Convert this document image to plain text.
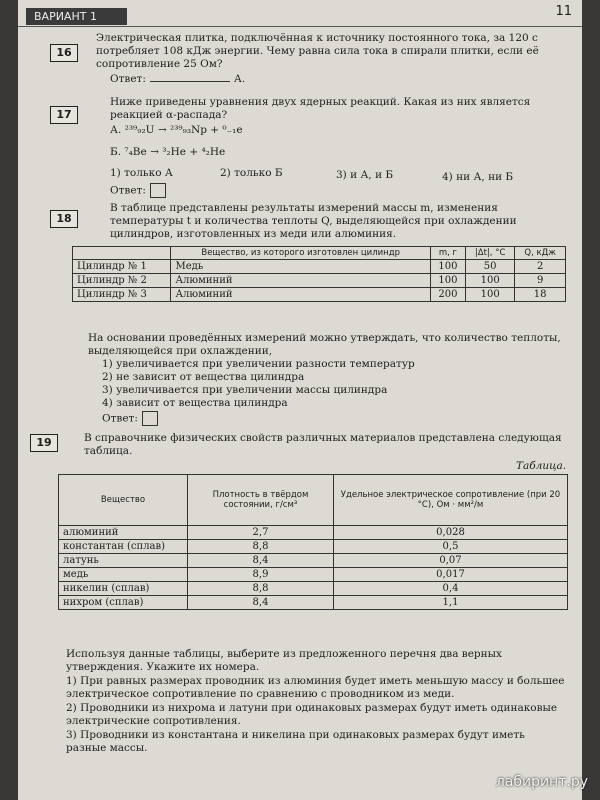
ВАРИАНТ 1	11
16
Электрическая плитка, подключённая к источнику постоянного тока, за 120 с потребляет 108 кДж энергии. Чему равна сила тока в спирали плитки, если её сопротивление 25 Ом?
Ответ:	А.
17
Ниже приведены уравнения двух ядерных реакций. Какая из них является реакцией α-распада?
А. ²³⁹₉₂U → ²³⁹₉₃Np + ⁰₋₁e
Б. ⁷₄Be → ³₂He + ⁴₂He
1) только А	2) только Б	3) и А, и Б	4) ни А, ни Б
Ответ:
18
В таблице представлены результаты измерений массы m, изменения температуры t и количества теплоты Q, выделяющейся при охлаждении цилиндров, изготовленных из меди или алюминия.
	Вещество, из которого изготовлен цилиндр	m, г	|Δt|, °С	Q, кДж
Цилиндр № 1	Медь	100	50	2
Цилиндр № 2	Алюминий	100	100	9
Цилиндр № 3	Алюминий	200	100	18
На основании проведённых измерений можно утверждать, что количество теплоты, выделяющейся при охлаждении,
1) увеличивается при увеличении разности температур
2) не зависит от вещества цилиндра
3) увеличивается при увеличении массы цилиндра
4) зависит от вещества цилиндра
Ответ:
19	В справочнике физических свойств различных материалов представлена следующая таблица.
Таблица.
Вещество	Плотность в твёрдом состоянии, г/см³	Удельное электрическое сопротивление (при 20 °С), Ом · мм²/м
алюминий	2,7	0,028
константан (сплав)	8,8	0,5
латунь	8,4	0,07
медь	8,9	0,017
никелин (сплав)	8,8	0,4
нихром (сплав)	8,4	1,1
Используя данные таблицы, выберите из предложенного перечня два верных утверждения. Укажите их номера.
1) При равных размерах проводник из алюминия будет иметь меньшую массу и большее электрическое сопротивление по сравнению с проводником из меди.
2) Проводники из нихрома и латуни при одинаковых размерах будут иметь одинаковые электрические сопротивления.
3) Проводники из константана и никелина при одинаковых размерах будут иметь разные массы.
лабиринт.ру
